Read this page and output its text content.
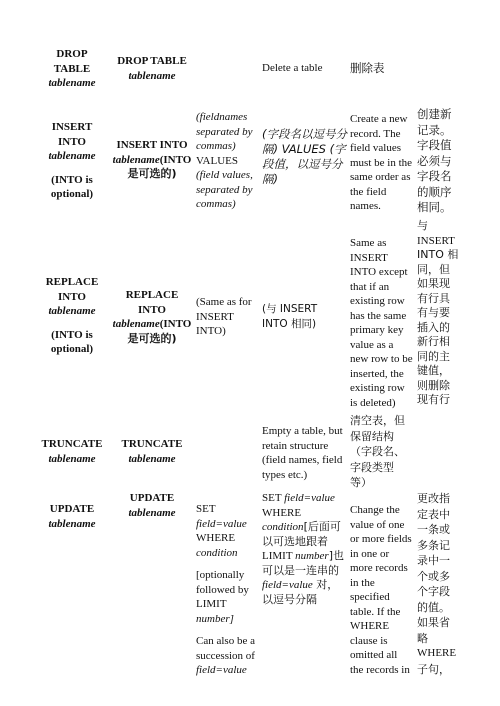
DROP

TABLE

tablename

DROP TABLE

tablename

Delete a table	删除表

INSERT

INTO

tablename

(INTO is

optional)

INSERT INTO

tablename(INTO

是可选的)

(fieldnames

separated by

commas)

VALUES

(field values,

separated by

commas)

(字段名以逗号分

隔) VALUES (字

段值，以逗号分

隔)

Create a new

record. The

field values

must be in the

same order as

the field

names.

创建新

记录。

字段值

必须与

字段名

的顺序

相同。

REPLACE

INTO

tablename

(INTO is

optional)

REPLACE

INTO

tablename(INTO

是可选的)

(Same as for

INSERT

INTO)

(与 INSERT

INTO 相同)

Same as

INSERT

INTO except

that if an

existing row

has the same

primary key

value as a

new row to be

inserted, the

existing row

is deleted)

与

INSERT

INTO 相

同，但

如果现

有行具

有与要

插入的

新行相

同的主

键值，

则删除

现有行

TRUNCATE

tablename

TRUNCATE

tablename

Empty a table, but

retain structure

(field names, field

types etc.)

清空表，但

保留结构

（字段名、

字段类型

等）

UPDATE

tablename

UPDATE

tablename	SET

field=value

WHERE

condition

[optionally

followed by

LIMIT

number]

Can also be a

succession of

field=value

SET field=value

WHERE

condition[后面可

以可选地跟着

LIMIT number]也

可以是一连串的

field=value 对，

以逗号分隔

Change the

value of one

or more fields

in one or

more records

in the

specified

table. If the

WHERE

clause is

omitted all

the records in

更改指

定表中

一条或

多条记

录中一

个或多

个字段

的值。

如果省

略

WHERE

子句，
